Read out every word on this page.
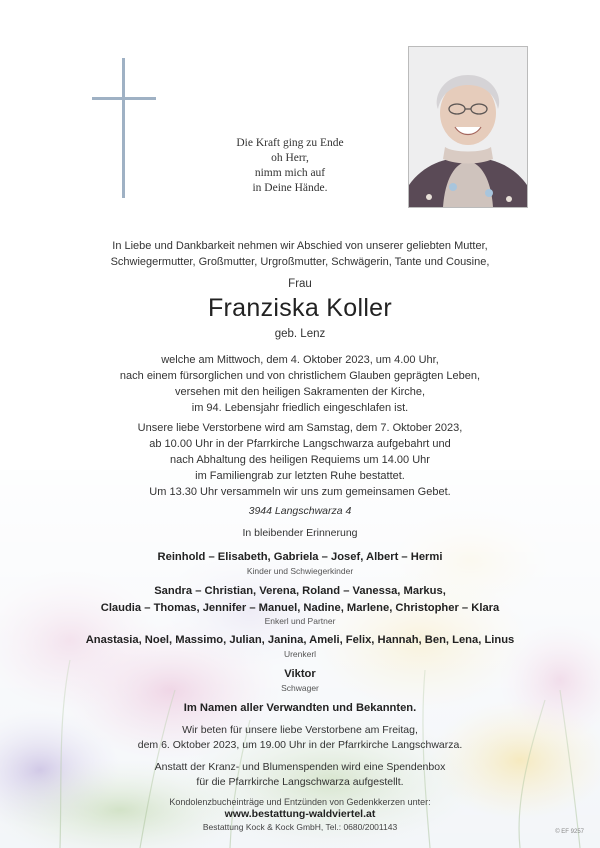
Die Kraft ging zu Ende
oh Herr,
nimm mich auf
in Deine Hände.
In Liebe und Dankbarkeit nehmen wir Abschied von unserer geliebten Mutter,
Schwiegermutter, Großmutter, Urgroßmutter, Schwägerin, Tante und Cousine,
Frau
Franziska Koller
geb. Lenz
welche am Mittwoch, dem 4. Oktober 2023, um 4.00 Uhr,
nach einem fürsorglichen und von christlichem Glauben geprägten Leben,
versehen mit den heiligen Sakramenten der Kirche,
im 94. Lebensjahr friedlich eingeschlafen ist.
Unsere liebe Verstorbene wird am Samstag, dem 7. Oktober 2023,
ab 10.00 Uhr in der Pfarrkirche Langschwarza aufgebahrt und
nach Abhaltung des heiligen Requiems um 14.00 Uhr
im Familiengrab zur letzten Ruhe bestattet.
Um 13.30 Uhr versammeln wir uns zum gemeinsamen Gebet.
3944 Langschwarza 4
In bleibender Erinnerung
Reinhold – Elisabeth, Gabriela – Josef, Albert – Hermi
Kinder und Schwiegerkinder
Sandra – Christian, Verena, Roland – Vanessa, Markus,
Claudia – Thomas, Jennifer – Manuel, Nadine, Marlene, Christopher – Klara
Enkerl und Partner
Anastasia, Noel, Massimo, Julian, Janina, Ameli, Felix, Hannah, Ben, Lena, Linus
Urenkerl
Viktor
Schwager
Im Namen aller Verwandten und Bekannten.
Wir beten für unsere liebe Verstorbene am Freitag,
dem 6. Oktober 2023, um 19.00 Uhr in der Pfarrkirche Langschwarza.
Anstatt der Kranz- und Blumenspenden wird eine Spendenbox
für die Pfarrkirche Langschwarza aufgestellt.
Kondolenzbucheinträge und Entzünden von Gedenkkerzen unter:
www.bestattung-waldviertel.at
Bestattung Kock & Kock GmbH, Tel.: 0680/2001143	© EF 9257
